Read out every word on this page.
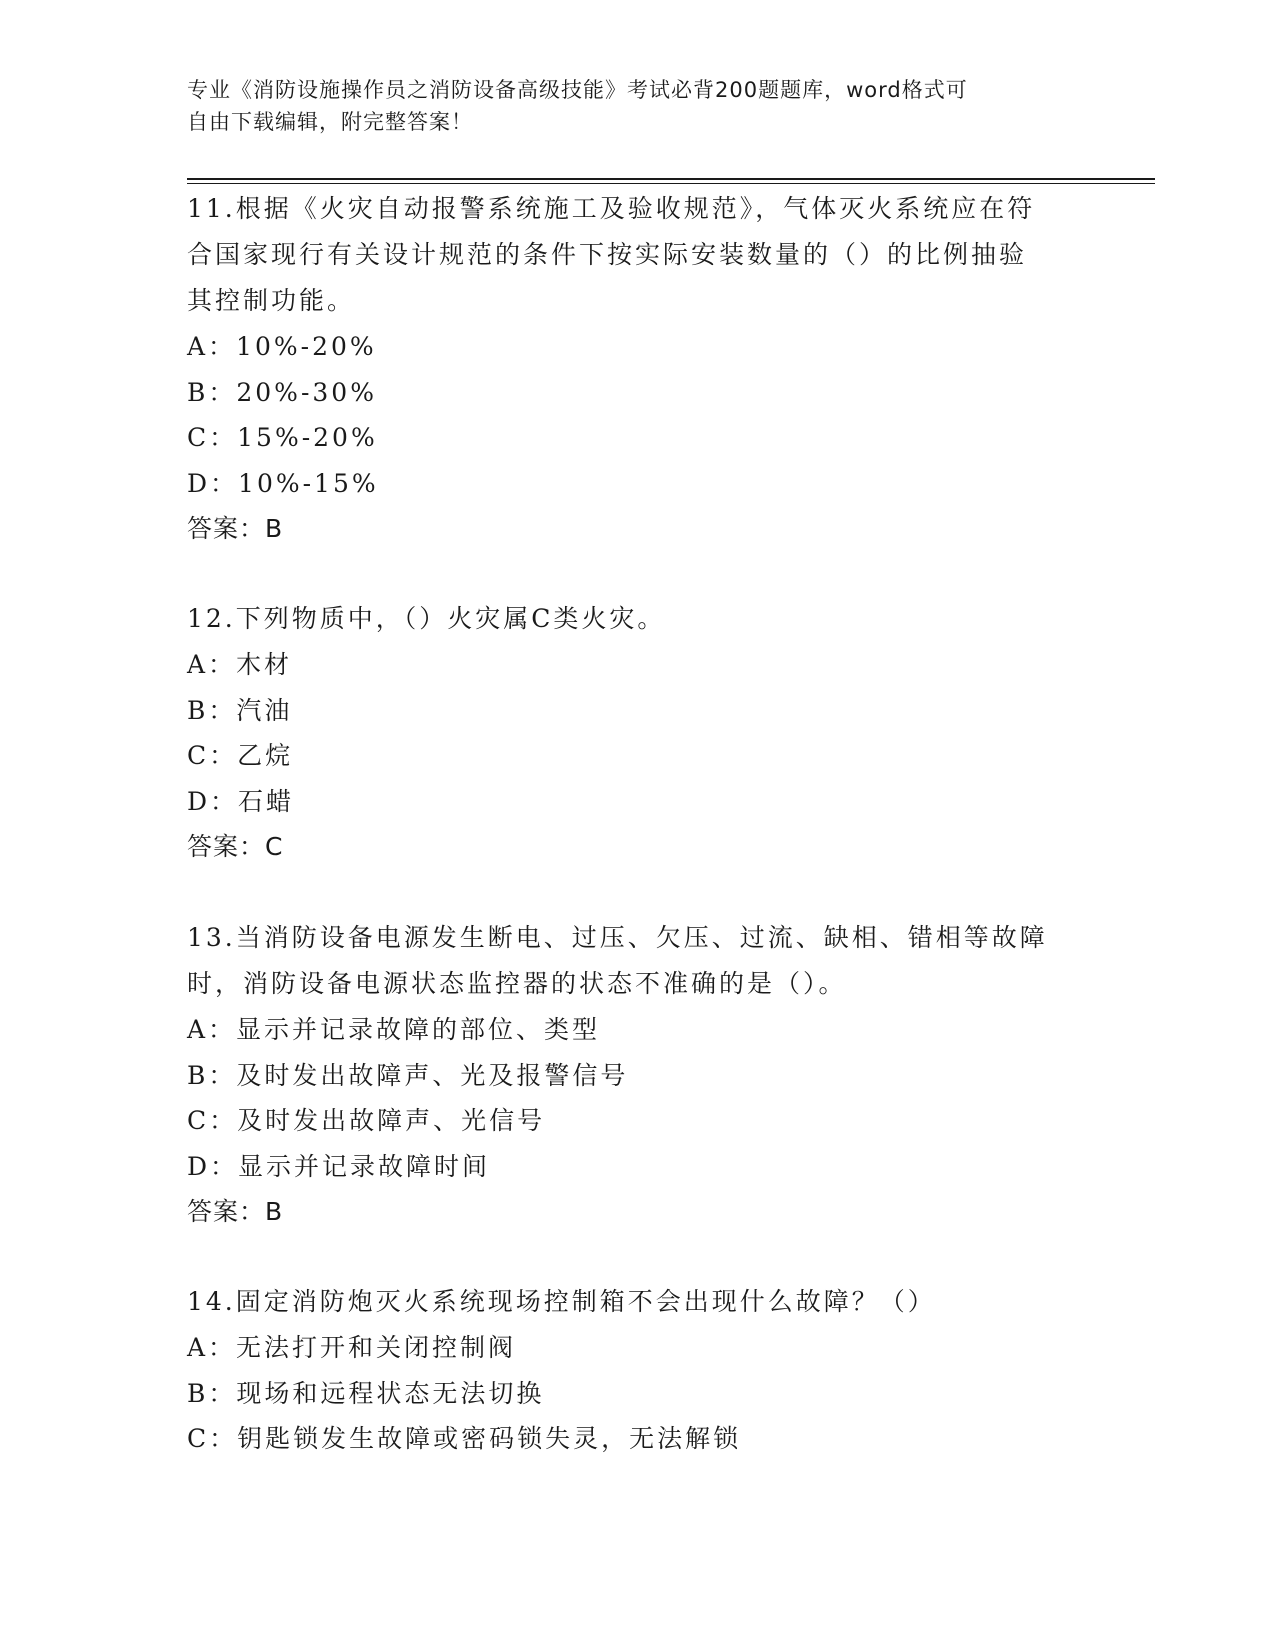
专业《消防设施操作员之消防设备高级技能》考试必背200题题库，word格式可
自由下载编辑，附完整答案！
11.根据《火灾自动报警系统施工及验收规范》，气体灭火系统应在符
合国家现行有关设计规范的条件下按实际安装数量的（）的比例抽验
其控制功能。
A：10%-20%
B：20%-30%
C：15%-20%
D：10%-15%
答案：B
12.下列物质中，（）火灾属C类火灾。
A：木材
B：汽油
C：乙烷
D：石蜡
答案：C
13.当消防设备电源发生断电、过压、欠压、过流、缺相、错相等故障
时，消防设备电源状态监控器的状态不准确的是（）。
A：显示并记录故障的部位、类型
B：及时发出故障声、光及报警信号
C：及时发出故障声、光信号
D：显示并记录故障时间
答案：B
14.固定消防炮灭火系统现场控制箱不会出现什么故障？（）
A：无法打开和关闭控制阀
B：现场和远程状态无法切换
C：钥匙锁发生故障或密码锁失灵，无法解锁
